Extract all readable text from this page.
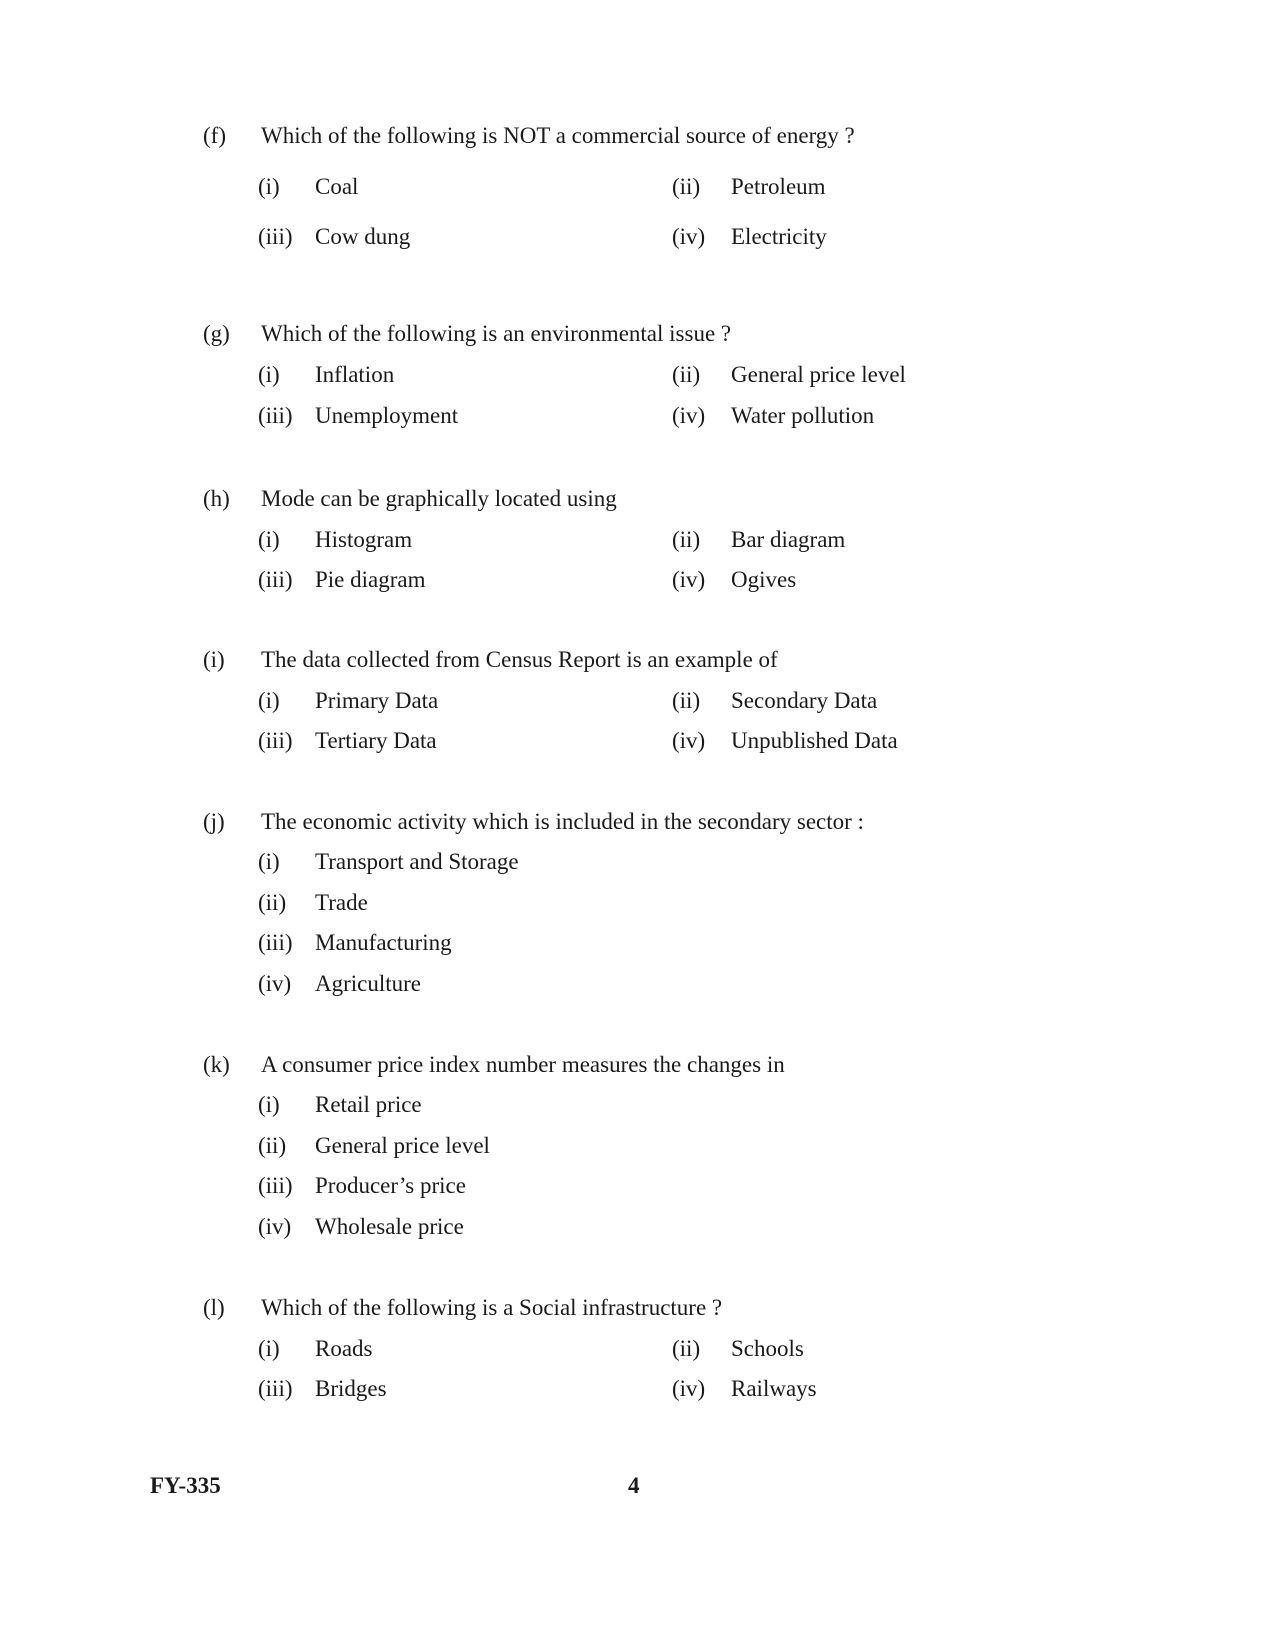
(f) Which of the following is NOT a commercial source of energy ?
(i) Coal	(ii) Petroleum
(iii) Cow dung	(iv) Electricity
(g) Which of the following is an environmental issue ?
(i) Inflation	(ii) General price level
(iii) Unemployment	(iv) Water pollution
(h) Mode can be graphically located using
(i) Histogram	(ii) Bar diagram
(iii) Pie diagram	(iv) Ogives
(i) The data collected from Census Report is an example of
(i) Primary Data	(ii) Secondary Data
(iii) Tertiary Data	(iv) Unpublished Data
(j) The economic activity which is included in the secondary sector :
(i) Transport and Storage
(ii) Trade
(iii) Manufacturing
(iv) Agriculture
(k) A consumer price index number measures the changes in
(i) Retail price
(ii) General price level
(iii) Producer’s price
(iv) Wholesale price
(l) Which of the following is a Social infrastructure ?
(i) Roads	(ii) Schools
(iii) Bridges	(iv) Railways
FY-335	4
